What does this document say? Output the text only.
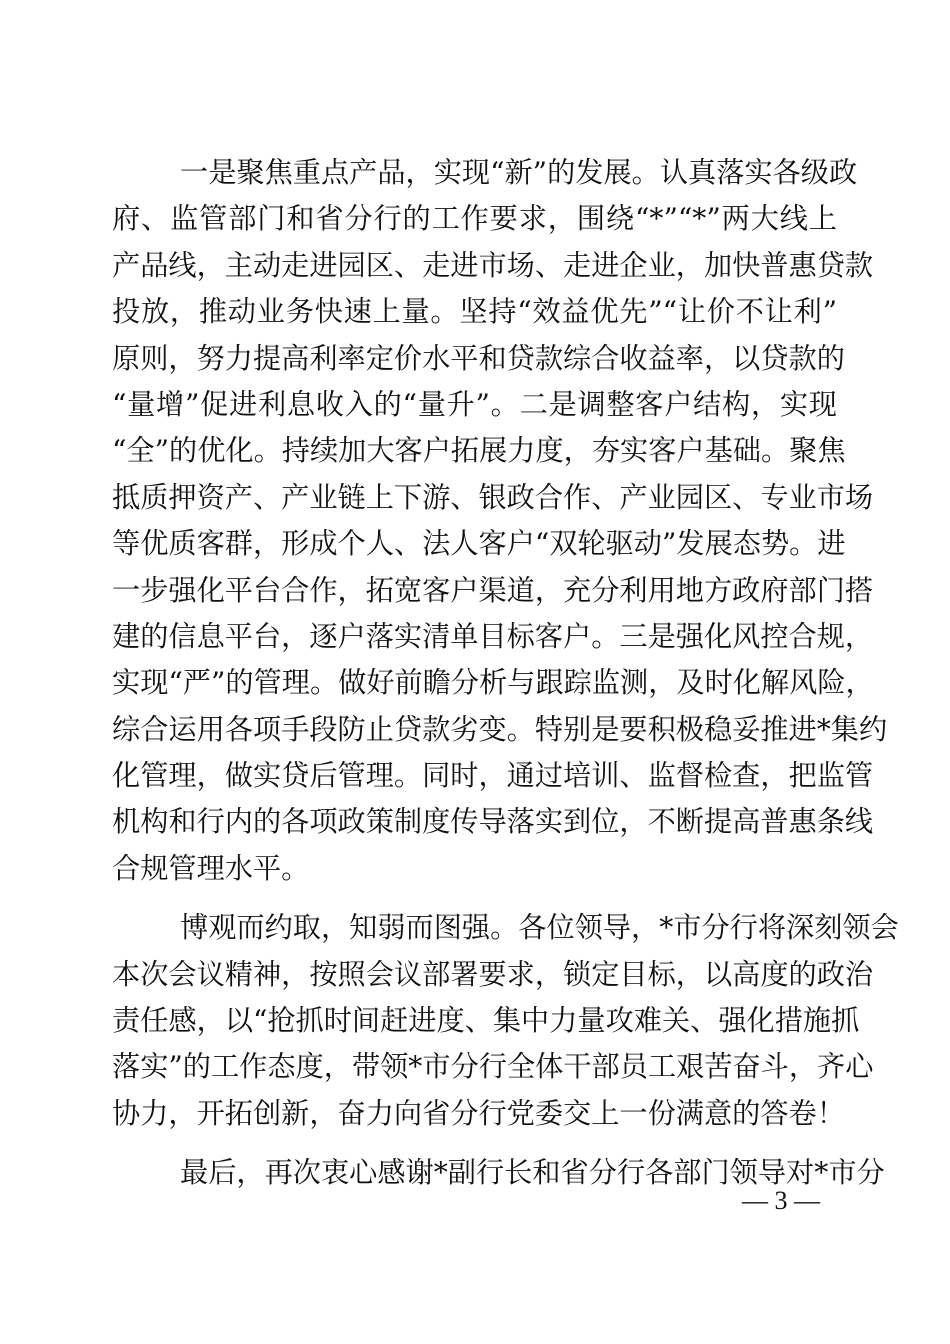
一是聚焦重点产品，实现“新”的发展。认真落实各级政
府、监管部门和省分行的工作要求，围绕“*”“*”两大线上
产品线，主动走进园区、走进市场、走进企业，加快普惠贷款
投放，推动业务快速上量。坚持“效益优先”“让价不让利”
原则，努力提高利率定价水平和贷款综合收益率，以贷款的
“量增”促进利息收入的“量升”。二是调整客户结构，实现
“全”的优化。持续加大客户拓展力度，夯实客户基础。聚焦
抵质押资产、产业链上下游、银政合作、产业园区、专业市场
等优质客群，形成个人、法人客户“双轮驱动”发展态势。进
一步强化平台合作，拓宽客户渠道，充分利用地方政府部门搭
建的信息平台，逐户落实清单目标客户。三是强化风控合规，
实现“严”的管理。做好前瞻分析与跟踪监测，及时化解风险，
综合运用各项手段防止贷款劣变。特别是要积极稳妥推进*集约
化管理，做实贷后管理。同时，通过培训、监督检查，把监管
机构和行内的各项政策制度传导落实到位，不断提高普惠条线
合规管理水平。
博观而约取，知弱而图强。各位领导，*市分行将深刻领会
本次会议精神，按照会议部署要求，锁定目标，以高度的政治
责任感，以“抢抓时间赶进度、集中力量攻难关、强化措施抓
落实”的工作态度，带领*市分行全体干部员工艰苦奋斗，齐心
协力，开拓创新，奋力向省分行党委交上一份满意的答卷！
最后，再次衷心感谢*副行长和省分行各部门领导对*市分
— 3 —
